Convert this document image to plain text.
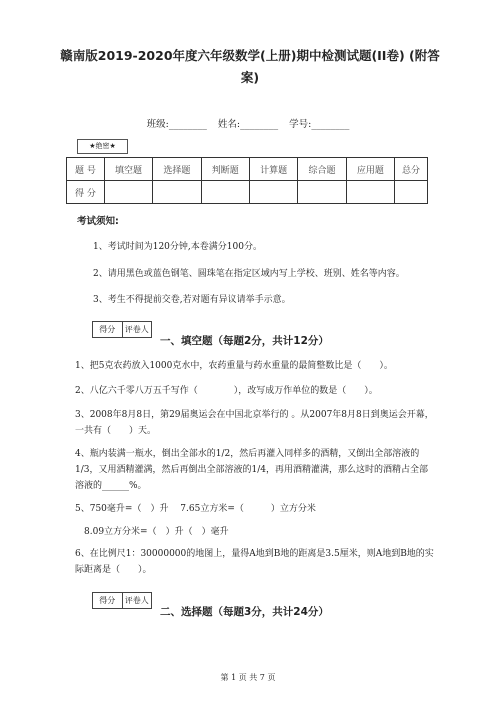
赣南版2019-2020年度六年级数学(上册)期中检测试题(II卷) (附答案)
班级:________ 姓名:________ 学号:________
★绝密★
题 号	填空题	选择题	判断题	计算题	综合题	应用题	总分
得 分							
考试须知:
1、考试时间为120分钟,本卷满分100分。
2、请用黑色或蓝色钢笔、圆珠笔在指定区域内写上学校、班别、姓名等内容。
3、考生不得提前交卷,若对题有异议请举手示意。
得分	评卷人
一、填空题（每题2分，共计12分）
1、把5克农药放入1000克水中，农药重量与药水重量的最简整数比是（　　）。
2、八亿六千零八万五千写作（　　　　），改写成万作单位的数是（　　）。
3、2008年8月8日，第29届奥运会在中国北京举行的 。从2007年8月8日到奥运会开幕，一共有（　　）天。
4、瓶内装满一瓶水，倒出全部水的1/2，然后再灌入同样多的酒精，又倒出全部溶液的1/3，又用酒精灌满，然后再倒出全部溶液的1/4，再用酒精灌满，那么这时的酒精占全部溶液的______%。
5、750毫升=（　）升　 7.65立方米=（　　　）立方分米
　8.09立方分米=（　）升（　）毫升
6、在比例尺1：30000000的地图上，量得A地到B地的距离是3.5厘米，则A地到B地的实际距离是（　　）。
得分	评卷人
二、选择题（每题3分，共计24分）
第 1 页 共 7 页
